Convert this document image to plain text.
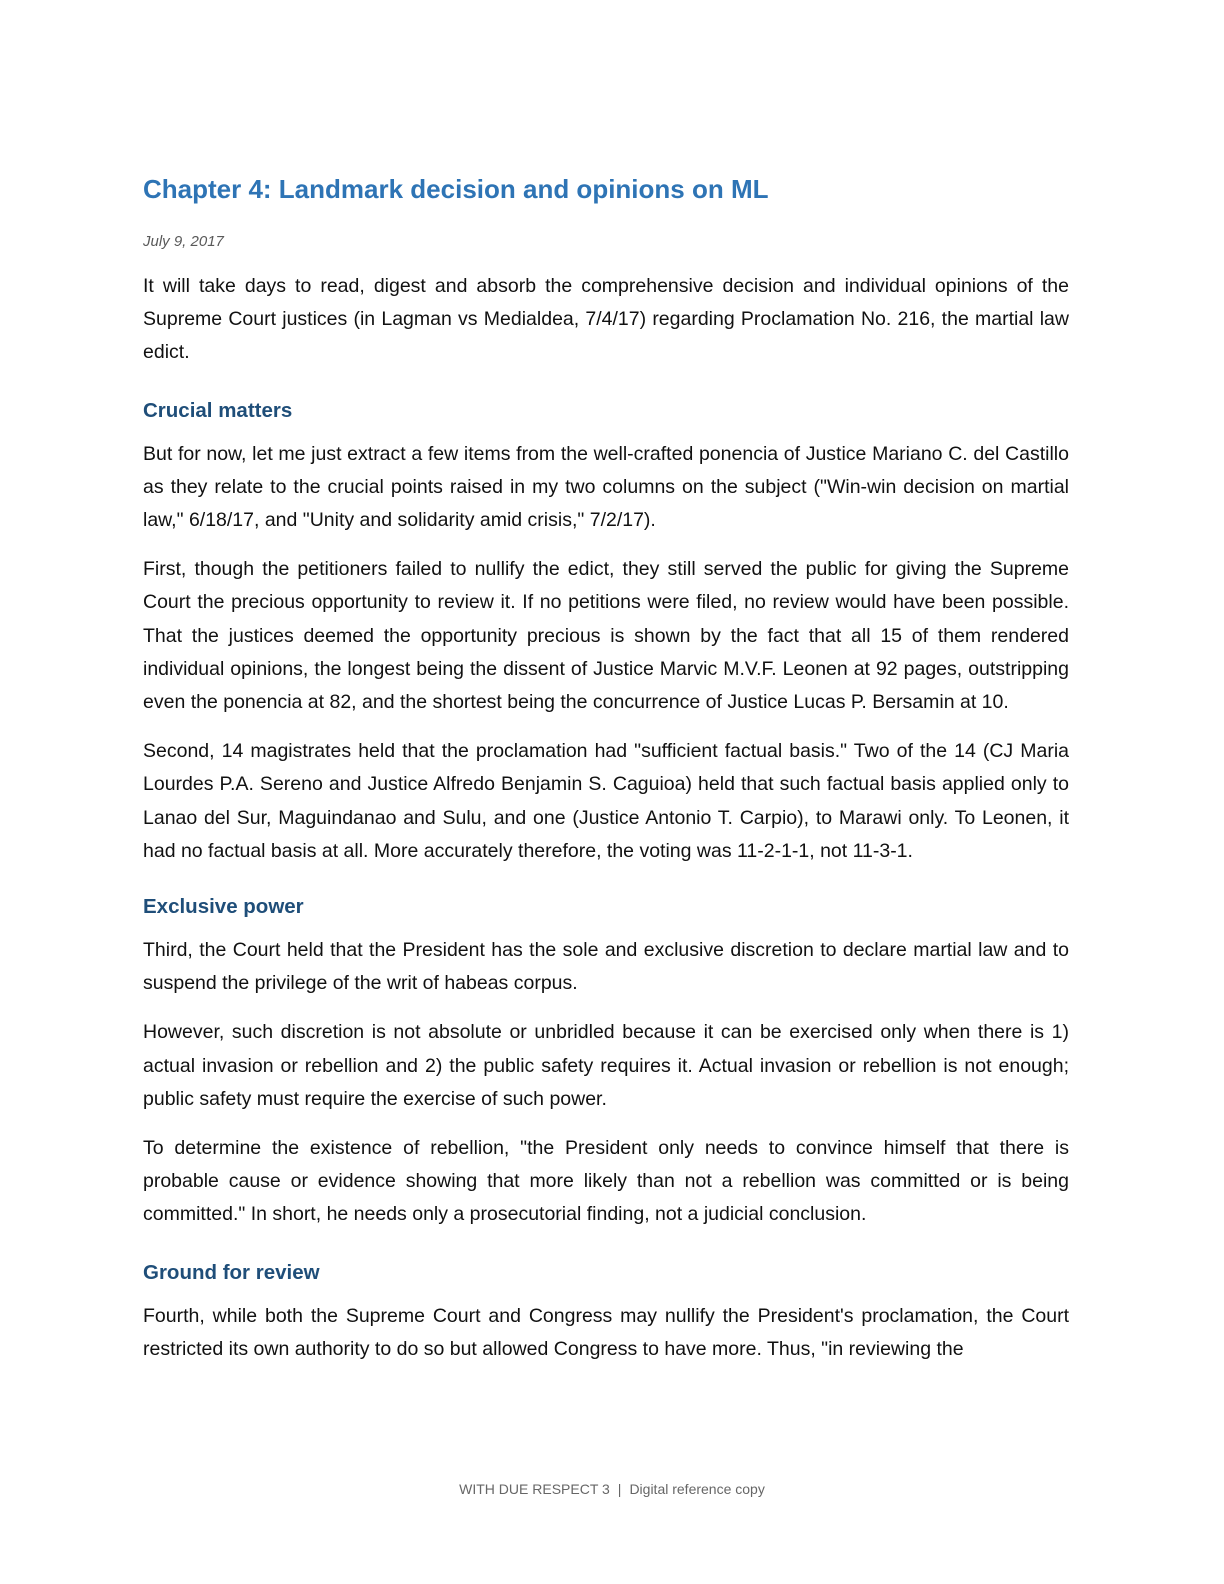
Chapter 4: Landmark decision and opinions on ML
July 9, 2017

It will take days to read, digest and absorb the comprehensive decision and individual opinions of the Supreme Court justices (in Lagman vs Medialdea, 7/4/17) regarding Proclamation No. 216, the martial law edict.

Crucial matters

But for now, let me just extract a few items from the well-crafted ponencia of Justice Mariano C. del Castillo as they relate to the crucial points raised in my two columns on the subject ("Win-win decision on martial law," 6/18/17, and "Unity and solidarity amid crisis," 7/2/17).

First, though the petitioners failed to nullify the edict, they still served the public for giving the Supreme Court the precious opportunity to review it. If no petitions were filed, no review would have been possible. That the justices deemed the opportunity precious is shown by the fact that all 15 of them rendered individual opinions, the longest being the dissent of Justice Marvic M.V.F. Leonen at 92 pages, outstripping even the ponencia at 82, and the shortest being the concurrence of Justice Lucas P. Bersamin at 10.

Second, 14 magistrates held that the proclamation had "sufficient factual basis." Two of the 14 (CJ Maria Lourdes P.A. Sereno and Justice Alfredo Benjamin S. Caguioa) held that such factual basis applied only to Lanao del Sur, Maguindanao and Sulu, and one (Justice Antonio T. Carpio), to Marawi only. To Leonen, it had no factual basis at all. More accurately therefore, the voting was 11-2-1-1, not 11-3-1.

Exclusive power

Third, the Court held that the President has the sole and exclusive discretion to declare martial law and to suspend the privilege of the writ of habeas corpus.

However, such discretion is not absolute or unbridled because it can be exercised only when there is 1) actual invasion or rebellion and 2) the public safety requires it. Actual invasion or rebellion is not enough; public safety must require the exercise of such power.

To determine the existence of rebellion, "the President only needs to convince himself that there is probable cause or evidence showing that more likely than not a rebellion was committed or is being committed." In short, he needs only a prosecutorial finding, not a judicial conclusion.

Ground for review

Fourth, while both the Supreme Court and Congress may nullify the President's proclamation, the Court restricted its own authority to do so but allowed Congress to have more. Thus, "in reviewing the

WITH DUE RESPECT 3 | Digital reference copy
